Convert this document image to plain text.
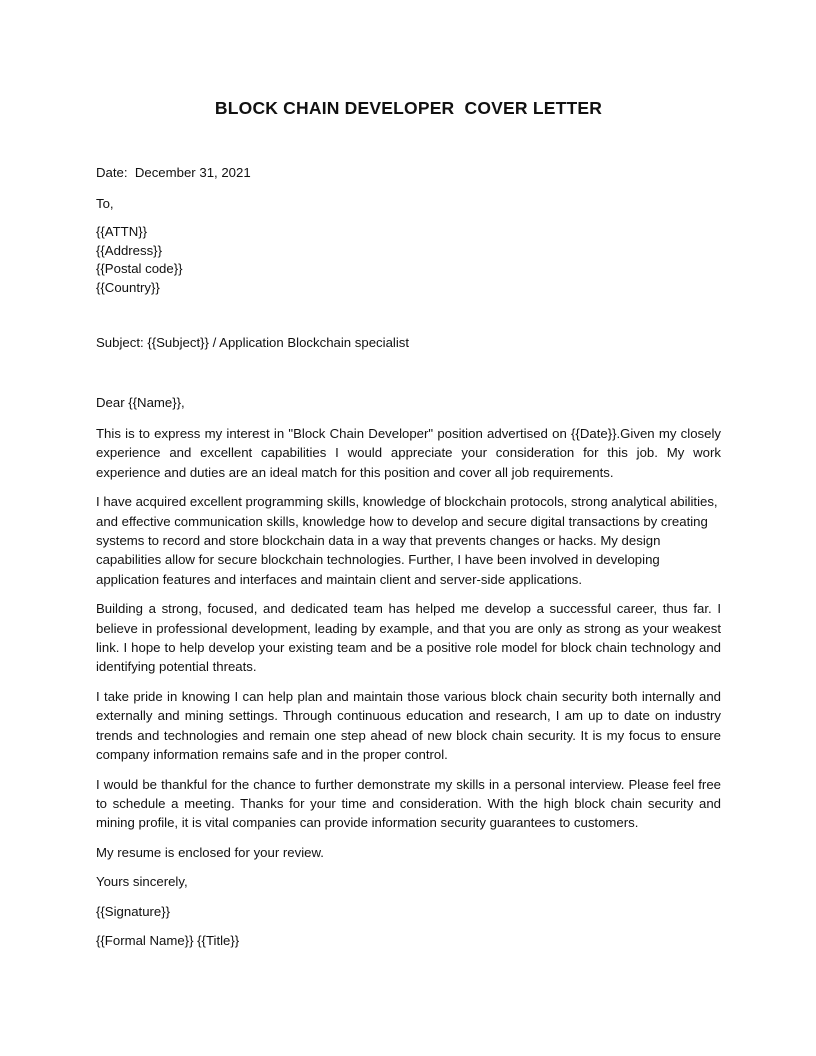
BLOCK CHAIN DEVELOPER  COVER LETTER
Date: December 31, 2021
To,
{{ATTN}}
{{Address}}
{{Postal code}}
{{Country}}
Subject: {{Subject}} / Application Blockchain specialist
Dear {{Name}},

This is to express my interest in "Block Chain Developer" position advertised on {{Date}}.Given my closely experience and excellent capabilities I would appreciate your consideration for this job. My work experience and duties are an ideal match for this position and cover all job requirements.

I have acquired excellent programming skills, knowledge of blockchain protocols, strong analytical abilities, and effective communication skills, knowledge how to develop and secure digital transactions by creating systems to record and store blockchain data in a way that prevents changes or hacks. My design capabilities allow for secure blockchain technologies. Further, I have been involved in developing application features and interfaces and maintain client and server-side applications.

Building a strong, focused, and dedicated team has helped me develop a successful career, thus far. I believe in professional development, leading by example, and that you are only as strong as your weakest link. I hope to help develop your existing team and be a positive role model for block chain technology and identifying potential threats.

I take pride in knowing I can help plan and maintain those various block chain security both internally and externally and mining settings. Through continuous education and research, I am up to date on industry trends and technologies and remain one step ahead of new block chain security. It is my focus to ensure company information remains safe and in the proper control.

I would be thankful for the chance to further demonstrate my skills in a personal interview. Please feel free to schedule a meeting. Thanks for your time and consideration. With the high block chain security and mining profile, it is vital companies can provide information security guarantees to customers.

My resume is enclosed for your review.

Yours sincerely,

{{Signature}}

{{Formal Name}} {{Title}}
